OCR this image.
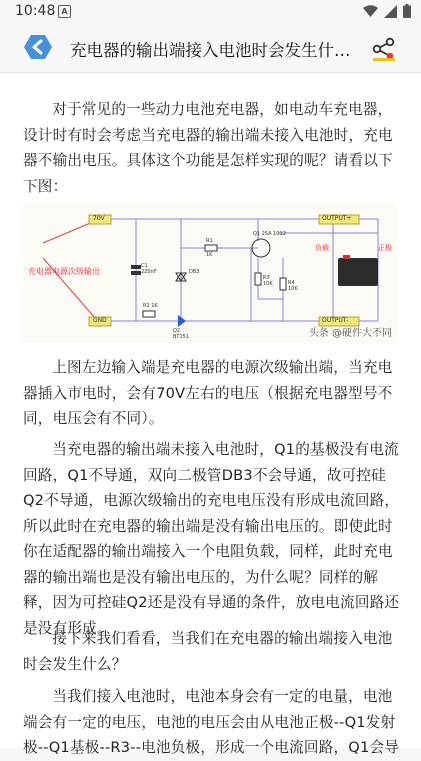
10:48 A
充电器的输出端接入电池时会发生什…

对于常见的一些动力电池充电器，如电动车充电器，设计时有时会考虑当充电器的输出端未接入电池时，充电器不输出电压。具体这个功能是怎样实现的呢？请看以下下图：

充电器电源次级输出
70V
GND
OUTPUT+
OUTPUT-
负载	正极
C1
220nF	DB3
R1
1K
R2 1K
R3
10K	R4
10K
Q1 2SA 1012
Q2
BT151	头条 @硬件大不同

上图左边输入端是充电器的电源次级输出端，当充电器插入市电时，会有70V左右的电压（根据充电器型号不同，电压会有不同）。

当充电器的输出端未接入电池时，Q1的基极没有电流回路，Q1不导通，双向二极管DB3不会导通，故可控硅Q2不导通，电源次级输出的充电电压没有形成电流回路，所以此时在充电器的输出端是没有输出电压的。即使此时你在适配器的输出端接入一个电阻负载，同样，此时充电器的输出端也是没有输出电压的，为什么呢？同样的解释，因为可控硅Q2还是没有导通的条件，放电电流回路还是没有形成。

接下来我们看看，当我们在充电器的输出端接入电池时会发生什么？

当我们接入电池时，电池本身会有一定的电量，电池端会有一定的电压，电池的电压会由从电池正极--Q1发射极--Q1基极--R3--电池负极，形成一个电流回路，Q1会导
